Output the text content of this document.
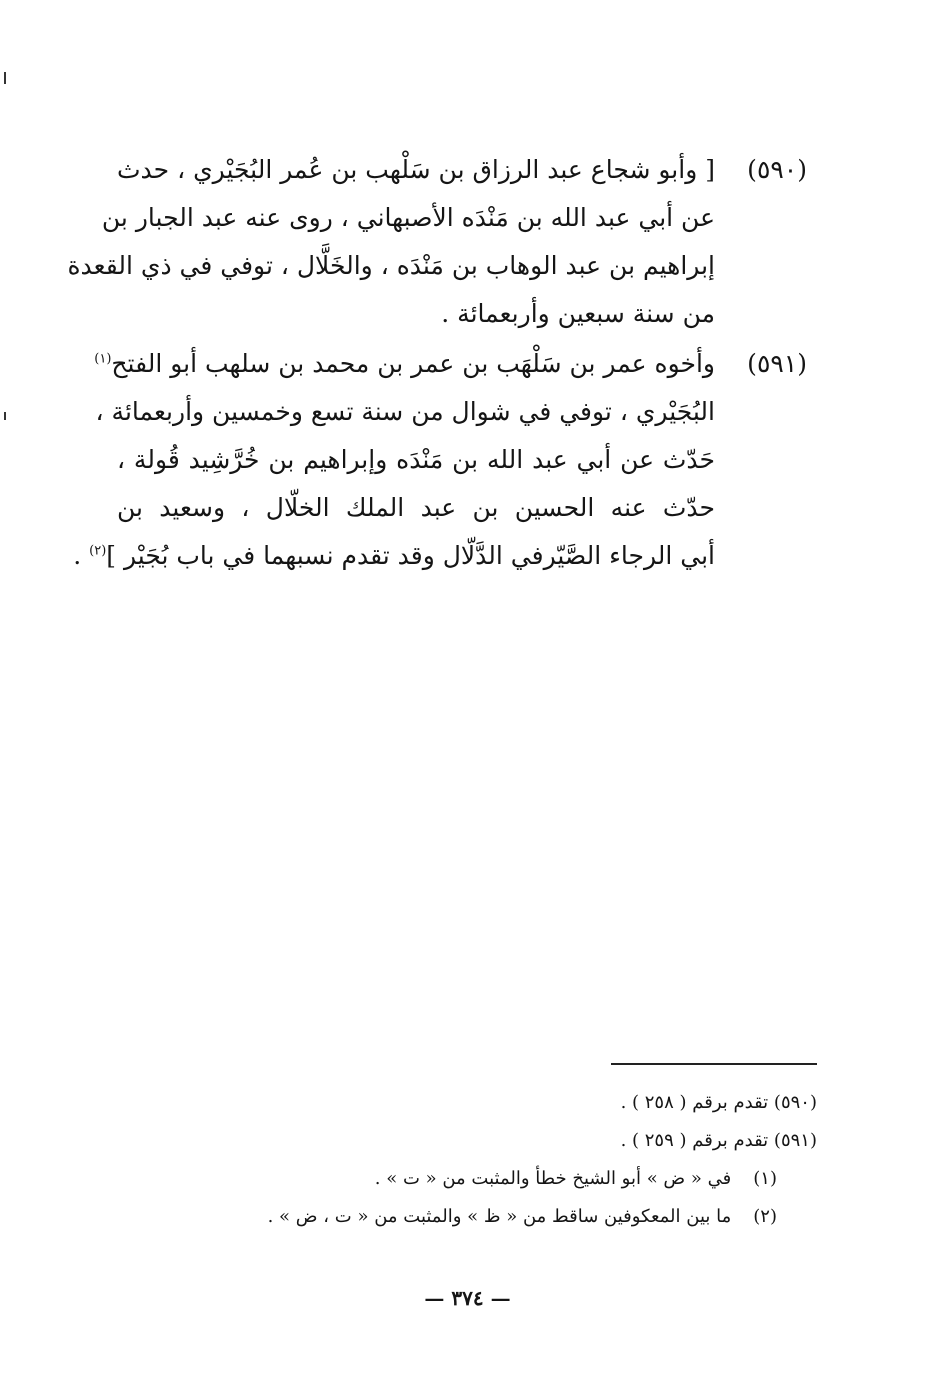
(٥٩٠)
[ وأبو شجاع عبد الرزاق بن سَلْهب بن عُمر البُجَيْري ، حدث
عن أبي عبد الله بن مَنْدَه الأصبهاني ، روى عنه عبد الجبار بن
إبراهيم بن عبد الوهاب بن مَنْدَه ، والخَلَّال ، توفي في ذي القعدة
من سنة سبعين وأربعمائة .
(٥٩١)
وأخوه عمر بن سَلْهَب بن عمر بن محمد بن سلهب أبو الفتح$^{(١)}$
البُجَيْري ، توفي في شوال من سنة تسع وخمسين وأربعمائة ،
حَدّث عن أبي عبد الله بن مَنْدَه وإبراهيم بن خُرَّشِيد قُولة ،
حدّث عنه الحسين بن عبد الملك الخلّال ، وسعيد بن
أبي الرجاء الصَّيّرفي الدَّلّال وقد تقدم نسبهما في باب بُجَيْر ]$^{(٢)}$ .
(٥٩٠) تقدم برقم ( ٢٥٨ ) .
(٥٩١) تقدم برقم ( ٢٥٩ ) .
(١) في « ض » أبو الشيخ خطأ والمثبت من « ت » .
(٢) ما بين المعكوفين ساقط من « ظ » والمثبت من « ت ، ض » .
— ٣٧٤ —
